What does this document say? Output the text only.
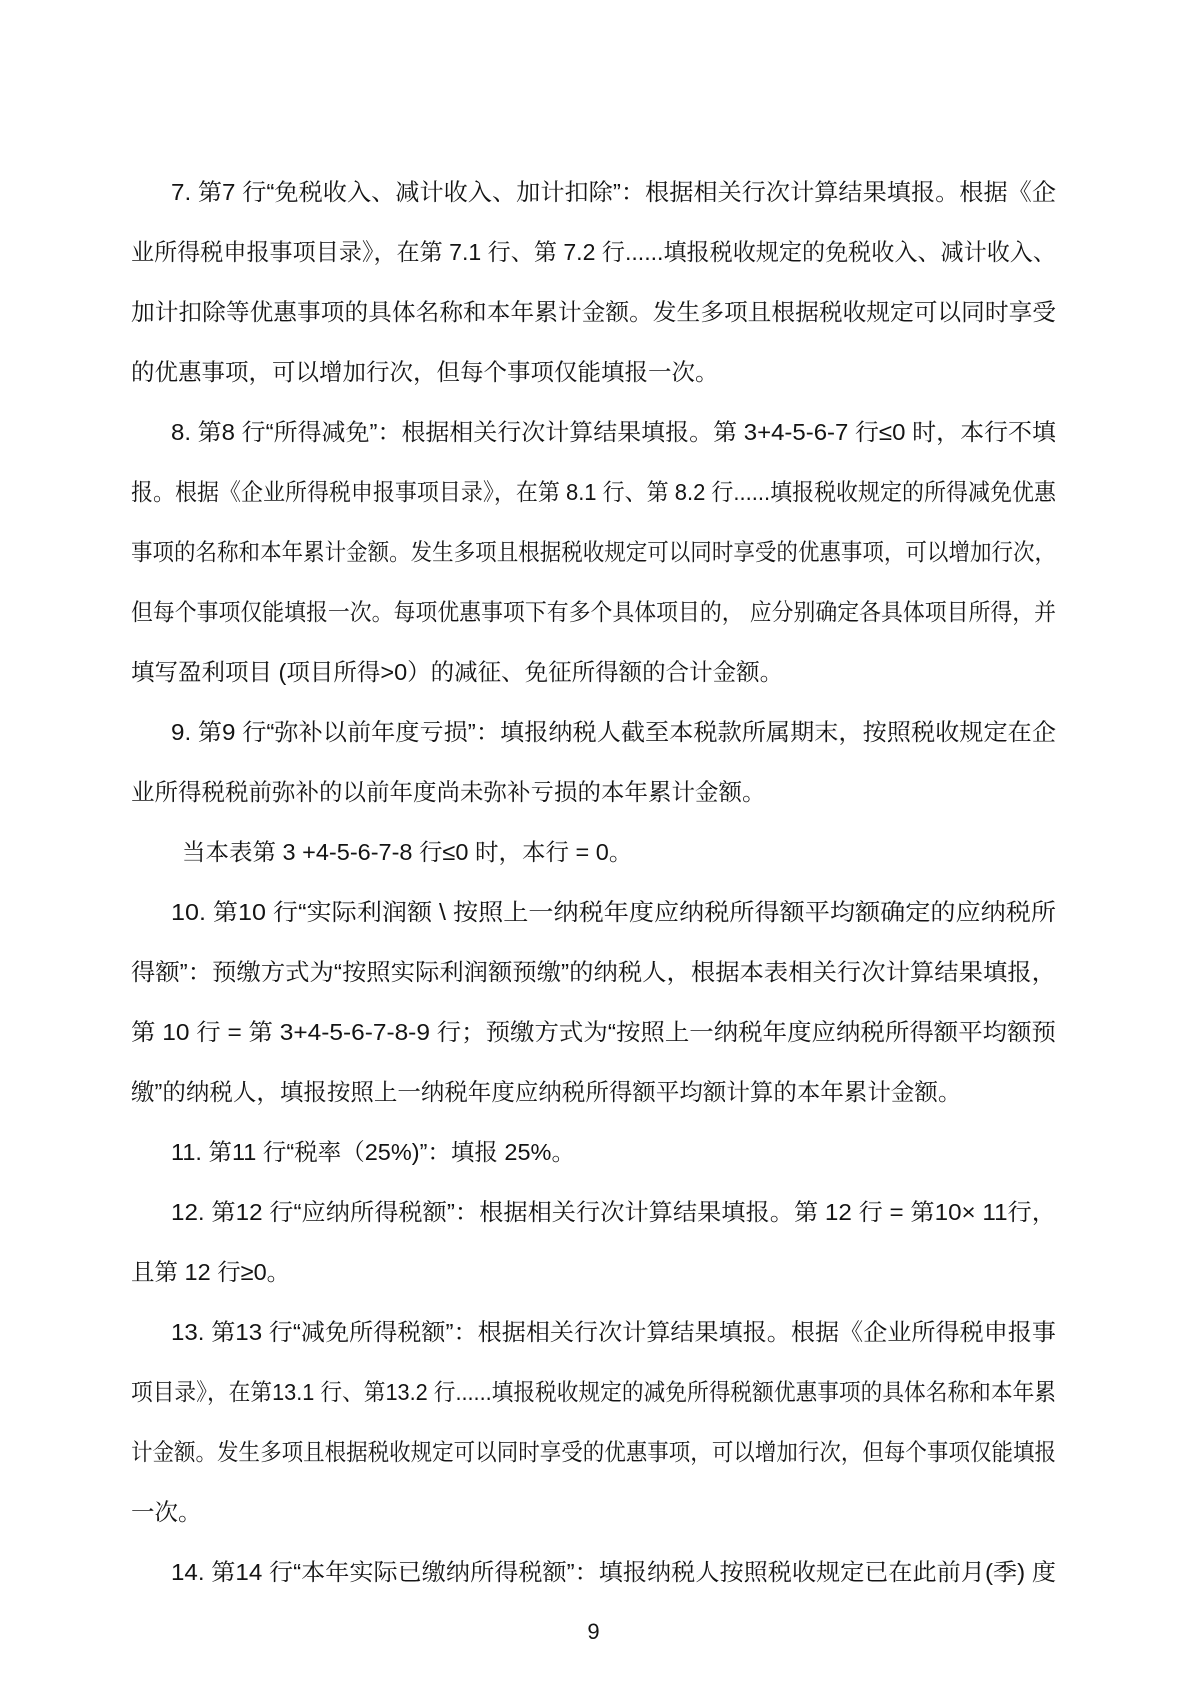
7. 第7 行“免税收入、减计收入、加计扣除”：根据相关行次计算结果填报。根据《企
业所得税申报事项目录》，在第 7.1 行、第 7.2 行......填报税收规定的免税收入、减计收入、
加计扣除等优惠事项的具体名称和本年累计金额。发生多项且根据税收规定可以同时享受
的优惠事项，可以增加行次，但每个事项仅能填报一次。
8. 第8 行“所得减免”：根据相关行次计算结果填报。第 3+4-5-6-7 行≤0 时，本行不填
报。根据《企业所得税申报事项目录》，在第 8.1 行、第 8.2 行......填报税收规定的所得减免优惠
事项的名称和本年累计金额。发生多项且根据税收规定可以同时享受的优惠事项，可以增加行次，
但每个事项仅能填报一次。每项优惠事项下有多个具体项目的， 应分别确定各具体项目所得，并
填写盈利项目 (项目所得>0）的减征、免征所得额的合计金额。
9. 第9 行“弥补以前年度亏损”：填报纳税人截至本税款所属期末，按照税收规定在企
业所得税税前弥补的以前年度尚未弥补亏损的本年累计金额。
当本表第 3 +4-5-6-7-8 行≤0 时，本行 = 0。
10. 第10 行“实际利润额 \ 按照上一纳税年度应纳税所得额平均额确定的应纳税所
得额”：预缴方式为“按照实际利润额预缴”的纳税人，根据本表相关行次计算结果填报，
第 10 行 = 第 3+4-5-6-7-8-9 行；预缴方式为“按照上一纳税年度应纳税所得额平均额预
缴”的纳税人，填报按照上一纳税年度应纳税所得额平均额计算的本年累计金额。
11. 第11 行“税率（25%)”：填报 25%。
12. 第12 行“应纳所得税额”：根据相关行次计算结果填报。第 12 行 = 第10× 11行，
且第 12 行≥0。
13. 第13 行“减免所得税额”：根据相关行次计算结果填报。根据《企业所得税申报事
项目录》，在第13.1 行、第13.2 行......填报税收规定的减免所得税额优惠事项的具体名称和本年累
计金额。发生多项且根据税收规定可以同时享受的优惠事项，可以增加行次，但每个事项仅能填报
一次。
14. 第14 行“本年实际已缴纳所得税额”：填报纳税人按照税收规定已在此前月(季) 度
9
